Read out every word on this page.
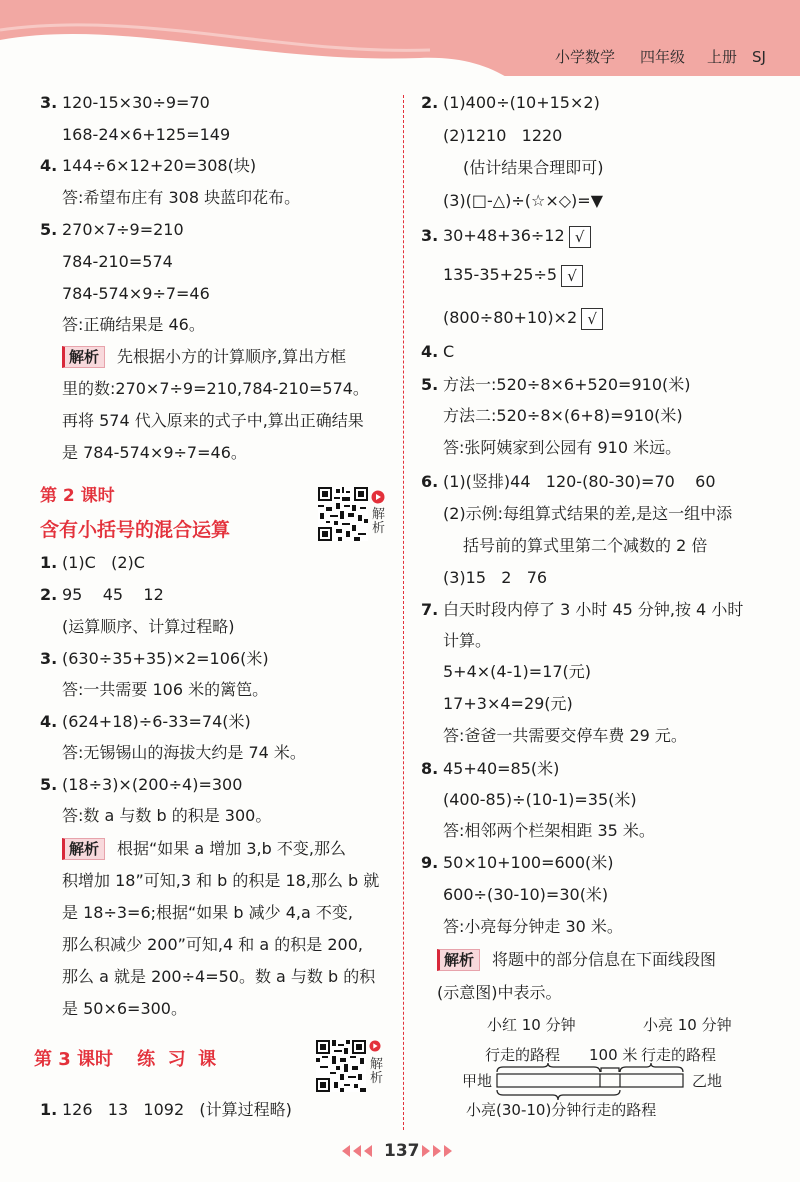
小学数学 四年级 上册 SJ
3. 120-15×30÷9=70
168-24×6+125=149
4. 144÷6×12+20=308(块)
答:希望布庄有 308 块蓝印花布。
5. 270×7÷9=210
784-210=574
784-574×9÷7=46
答:正确结果是 46。
解析 先根据小方的计算顺序,算出方框
里的数:270×7÷9=210,784-210=574。
再将 574 代入原来的式子中,算出正确结果
是 784-574×9÷7=46。
第 2 课时
含有小括号的混合运算
解析
1. (1)C   (2)C
2. 95    45    12
(运算顺序、计算过程略)
3. (630÷35+35)×2=106(米)
答:一共需要 106 米的篱笆。
4. (624+18)÷6-33=74(米)
答:无锡锡山的海拔大约是 74 米。
5. (18÷3)×(200÷4)=300
答:数 a 与数 b 的积是 300。
解析 根据“如果 a 增加 3,b 不变,那么
积增加 18”可知,3 和 b 的积是 18,那么 b 就
是 18÷3=6;根据“如果 b 减少 4,a 不变,
那么积减少 200”可知,4 和 a 的积是 200,
那么 a 就是 200÷4=50。数 a 与数 b 的积
是 50×6=300。
第 3 课时 练  习  课	解析
1. 126   13   1092   (计算过程略)
2. (1)400÷(10+15×2)
(2)1210   1220
(估计结果合理即可)
(3)(□-△)÷(☆×◇)=▼
3. 30+48+36÷12 √
135-35+25÷5 √
(800÷80+10)×2 √
4. C
5. 方法一:520÷8×6+520=910(米)
方法二:520÷8×(6+8)=910(米)
答:张阿姨家到公园有 910 米远。
6. (1)(竖排)44   120-(80-30)=70    60
(2)示例:每组算式结果的差,是这一组中添
括号前的算式里第二个减数的 2 倍
(3)15   2   76
7. 白天时段内停了 3 小时 45 分钟,按 4 小时
计算。
5+4×(4-1)=17(元)
17+3×4=29(元)
答:爸爸一共需要交停车费 29 元。
8. 45+40=85(米)
(400-85)÷(10-1)=35(米)
答:相邻两个栏架相距 35 米。
9. 50×10+100=600(米)
600÷(30-10)=30(米)
答:小亮每分钟走 30 米。
解析 将题中的部分信息在下面线段图
(示意图)中表示。
小红 10 分钟	小亮 10 分钟
行走的路程 100 米 行走的路程
甲地	乙地
小亮(30-10)分钟行走的路程
137
